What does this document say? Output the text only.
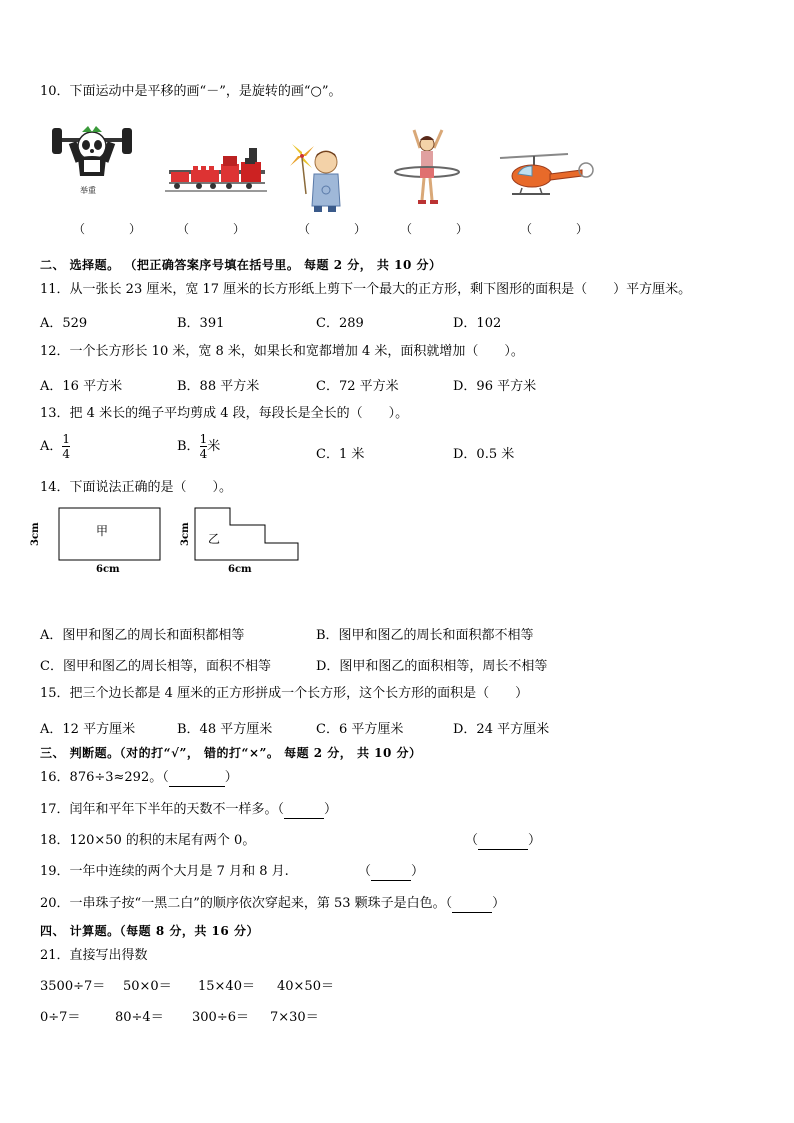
10．下面运动中是平移的画“－”，是旋转的画“○”。
举重
（　　　）	（　　　）	（　　　）	（　　　）	（　　　）
二、 选择题。 （把正确答案序号填在括号里。 每题 2 分， 共 10 分）
11．从一张长 23 厘米，宽 17 厘米的长方形纸上剪下一个最大的正方形，剩下图形的面积是（　　）平方厘米。
A．529	B．391	C．289	D．102
12．一个长方形长 10 米，宽 8 米，如果长和宽都增加 4 米，面积就增加（　　）。
A．16 平方米	B．88 平方米	C．72 平方米	D．96 平方米
13．把 4 米长的绳子平均剪成 4 段，每段长是全长的（　　）。
A． $\frac{1}{4}$	B． $\frac{1}{4}$ 米
C．1 米	D．0.5 米
14．下面说法正确的是（　　）。
甲
3cm
6cm
乙
3cm
6cm
A．图甲和图乙的周长和面积都相等	B．图甲和图乙的周长和面积都不相等
C．图甲和图乙的周长相等，面积不相等	D．图甲和图乙的面积相等，周长不相等
15．把三个边长都是 4 厘米的正方形拼成一个长方形，这个长方形的面积是（　　）
A．12 平方厘米	B．48 平方厘米	C．6 平方厘米	D．24 平方厘米
三、 判断题。（对的打“√”， 错的打“×”。 每题 2 分， 共 10 分）
16．876÷3≈292。（	）
17．闰年和平年下半年的天数不一样多。（	）
18．120×50 的积的末尾有两个 0。	（	）
19．一年中连续的两个大月是 7 月和 8 月.	（	）
20．一串珠子按“一黑二白”的顺序依次穿起来，第 53 颗珠子是白色。（	）
四、 计算题。（每题 8 分，共 16 分）
21．直接写出得数
3500÷7＝ 50×0＝ 15×40＝ 40×50＝
0÷7＝	80÷4＝ 300÷6＝ 7×30＝
